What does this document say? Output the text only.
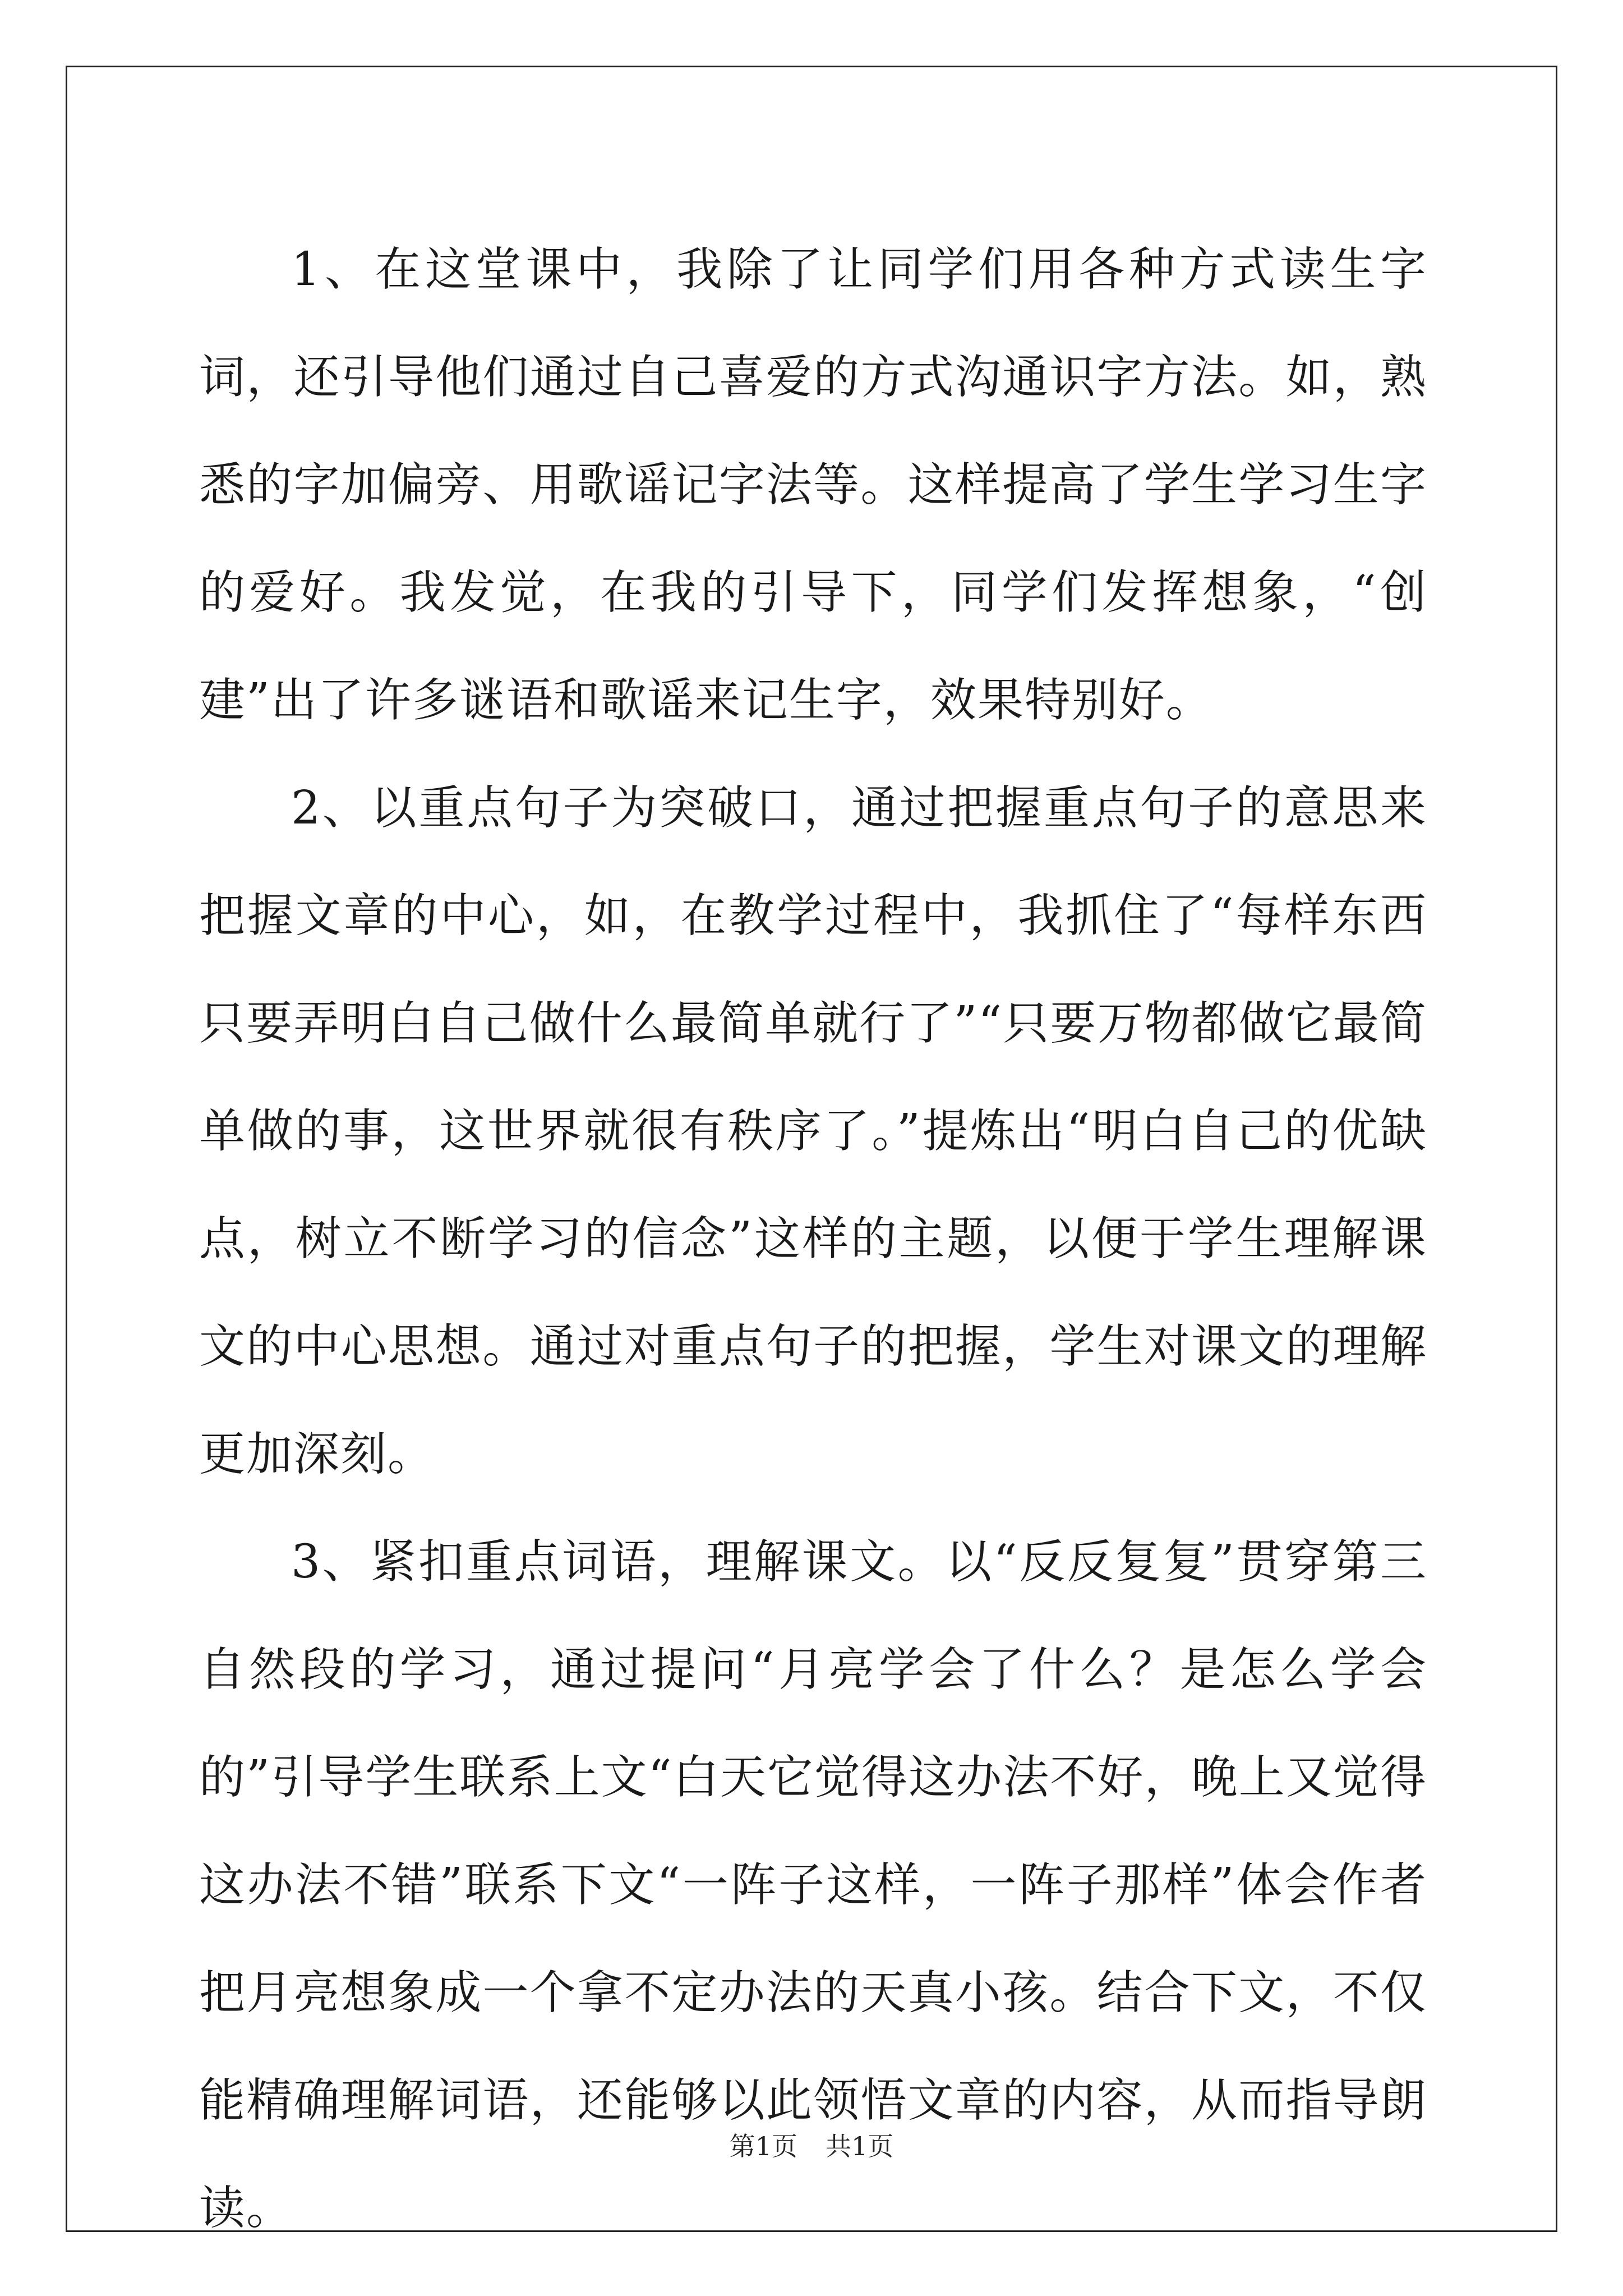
1、在这堂课中，我除了让同学们用各种方式读生字词，还引导他们通过自己喜爱的方式沟通识字方法。如，熟悉的字加偏旁、用歌谣记字法等。这样提高了学生学习生字的爱好。我发觉，在我的引导下，同学们发挥想象，“创建”出了许多谜语和歌谣来记生字，效果特别好。

2、以重点句子为突破口，通过把握重点句子的意思来把握文章的中心，如，在教学过程中，我抓住了“每样东西只要弄明白自己做什么最简单就行了”“只要万物都做它最简单做的事，这世界就很有秩序了。”提炼出“明白自己的优缺点，树立不断学习的信念”这样的主题，以便于学生理解课文的中心思想。通过对重点句子的把握，学生对课文的理解更加深刻。

3、紧扣重点词语，理解课文。以“反反复复”贯穿第三自然段的学习，通过提问“月亮学会了什么？是怎么学会的”引导学生联系上文“白天它觉得这办法不好，晚上又觉得这办法不错”联系下文“一阵子这样，一阵子那样”体会作者把月亮想象成一个拿不定办法的天真小孩。结合下文，不仅能精确理解词语，还能够以此领悟文章的内容，从而指导朗读。

第1页 共1页
